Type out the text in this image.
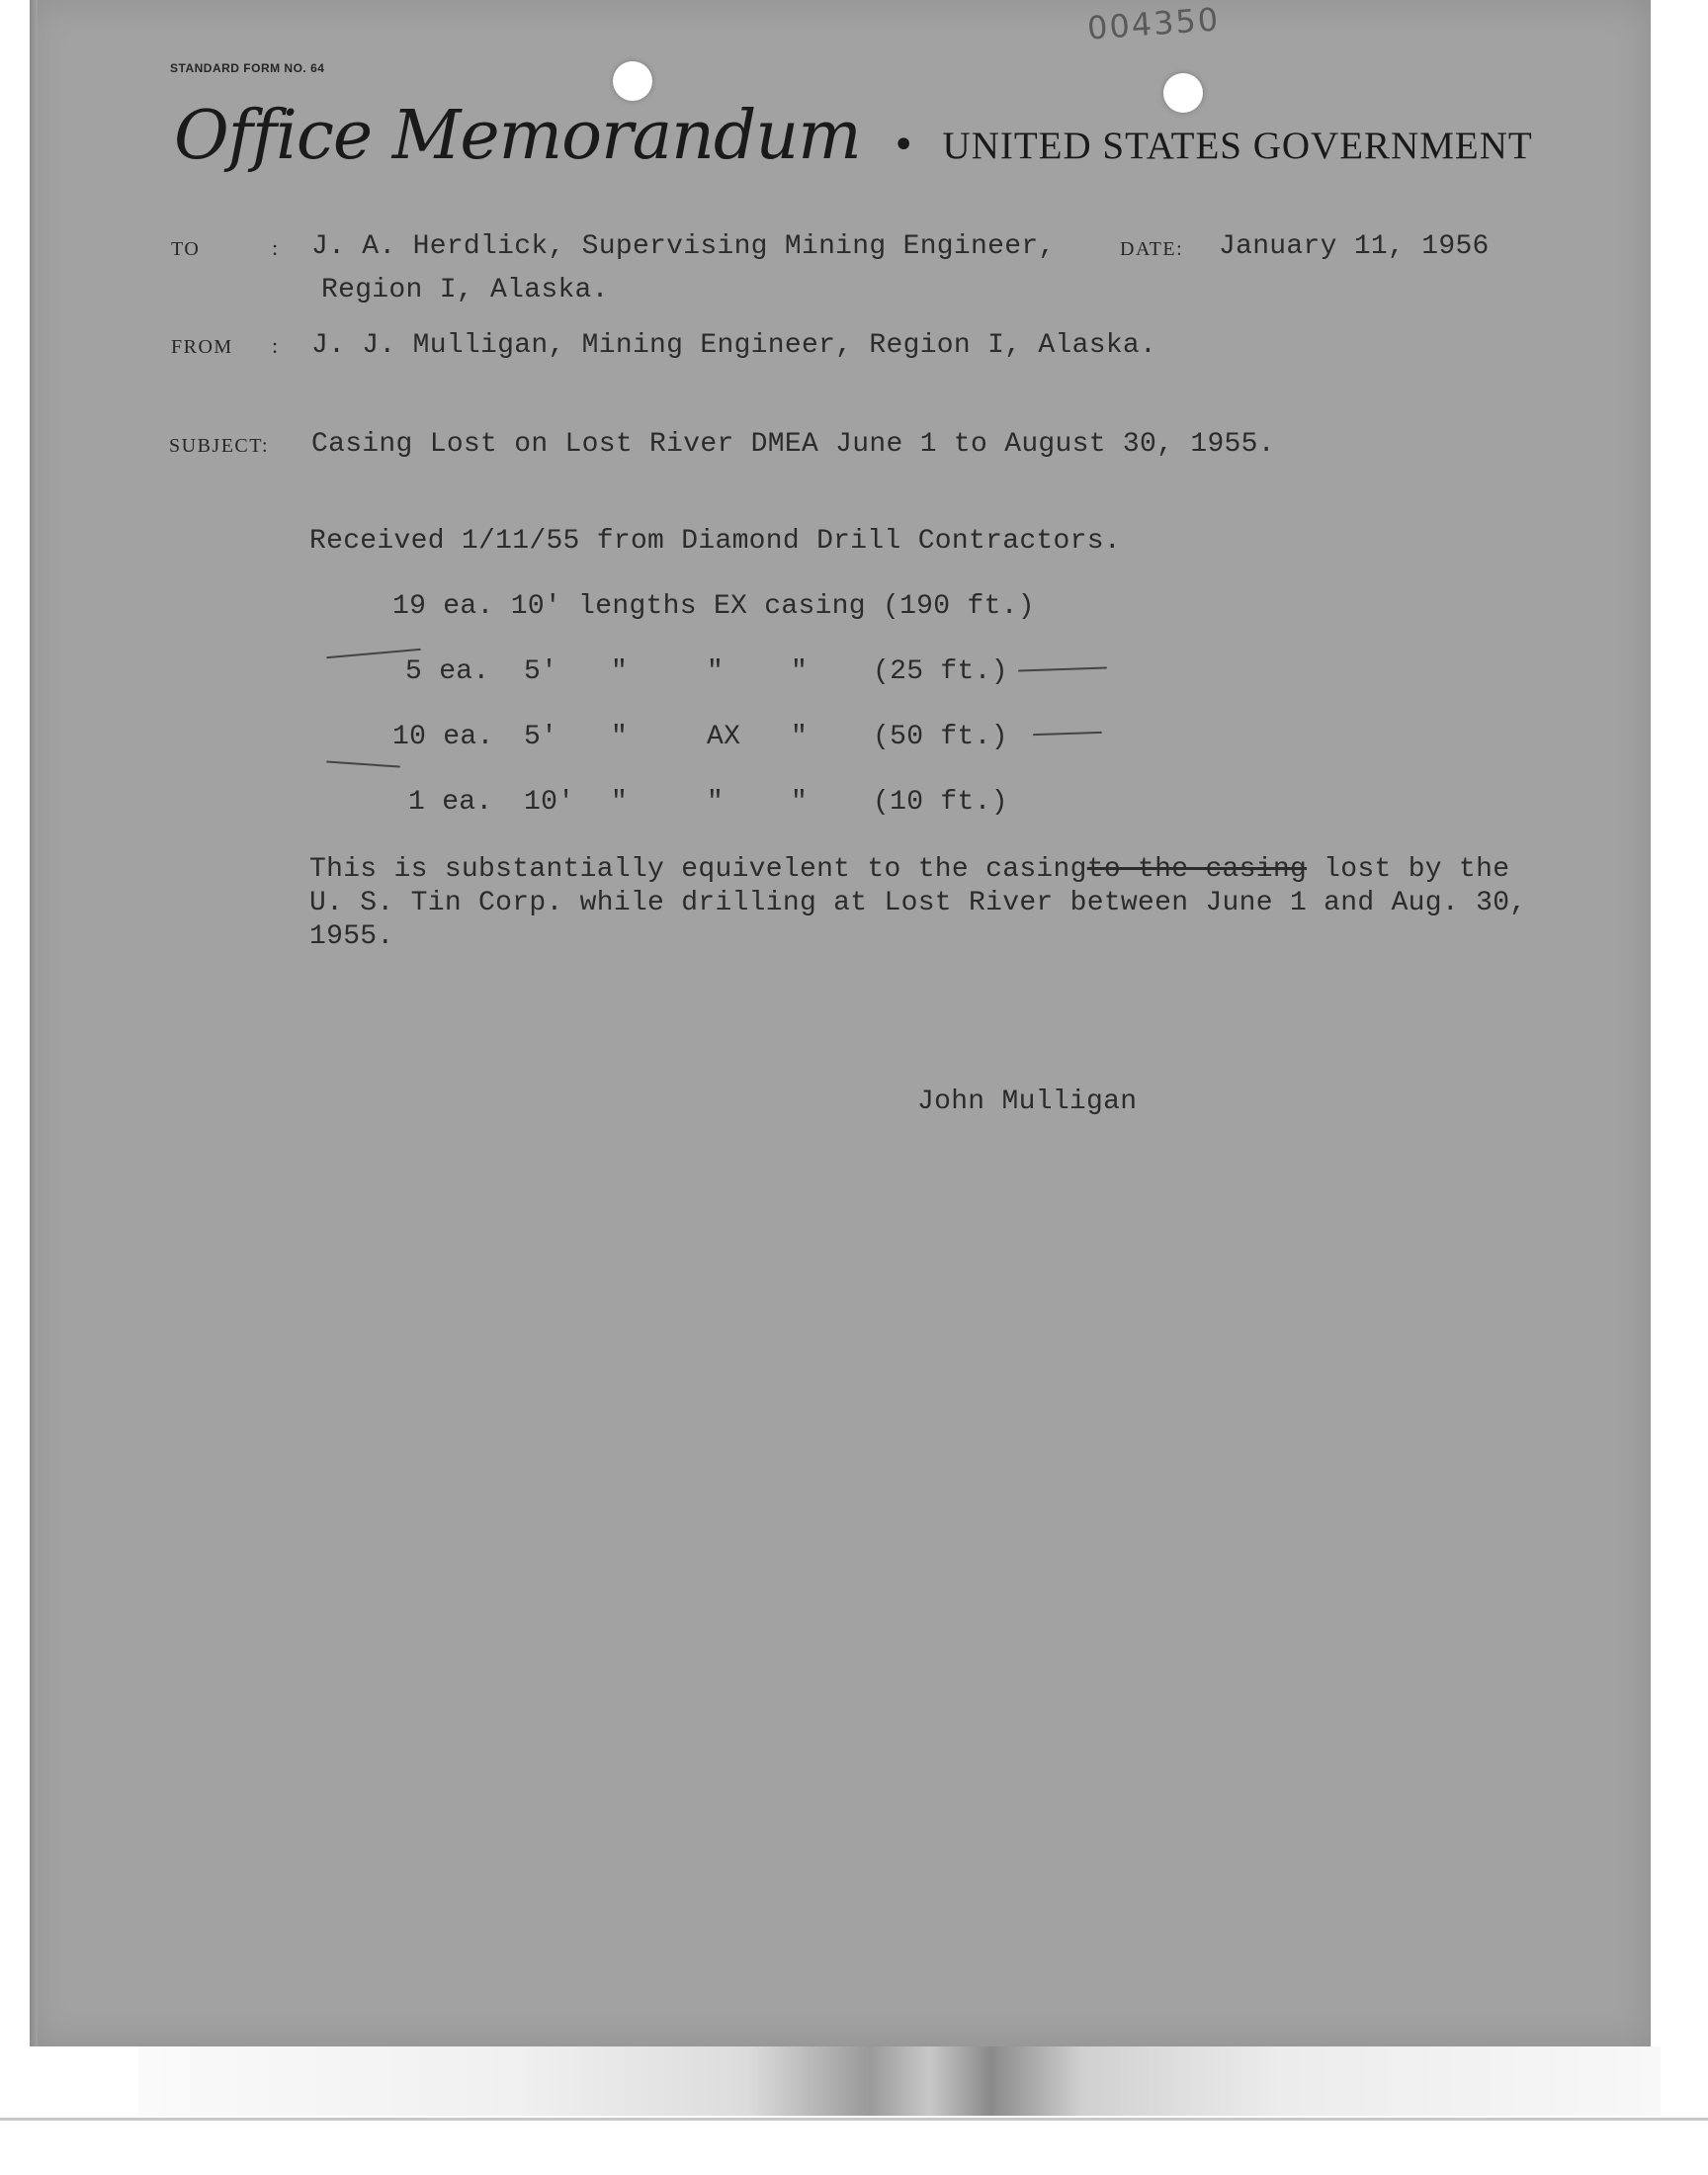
004350
STANDARD FORM NO. 64
Office Memorandum • UNITED STATES GOVERNMENT
TO	: J. A. Herdlick, Supervising Mining Engineer,
Region I, Alaska.
DATE: January 11, 1956
FROM : J. J. Mulligan, Mining Engineer, Region I, Alaska.
SUBJECT: Casing Lost on Lost River DMEA June 1 to August 30, 1955.
Received 1/11/55 from Diamond Drill Contractors.
19 ea. 10' lengths EX casing (190 ft.)
5 ea. 5' "	" " (25 ft.)
10 ea. 5' "	AX " (50 ft.)
1 ea. 10' "	" " (10 ft.)
This is substantially equivelent to the casingto the casing lost by the
U. S. Tin Corp. while drilling at Lost River between June 1 and Aug. 30,
1955.
John Mulligan
